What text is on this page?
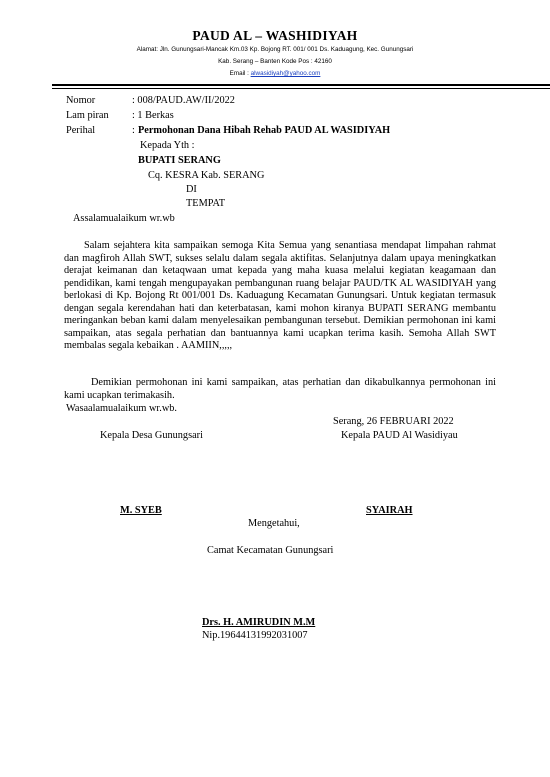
PAUD AL – WASHIDIYAH
Alamat: Jln. Gunungsari-Mancak Km.03 Kp. Bojong RT. 001/ 001 Ds. Kaduagung, Kec. Gunungsari
Kab. Serang – Banten Kode Pos : 42160
Email : alwasidiyah@yahoo.com
Nomor	: 008/PAUD.AW/II/2022
Lam piran : 1 Berkas
Perihal	: Permohonan Dana Hibah Rehab PAUD AL WASIDIYAH
Kepada Yth :
BUPATI SERANG
Cq. KESRA Kab. SERANG
DI
TEMPAT
Assalamualaikum wr.wb
Salam sejahtera kita sampaikan semoga Kita Semua yang senantiasa mendapat limpahan rahmat dan magfiroh Allah SWT, sukses selalu dalam segala aktifitas. Selanjutnya dalam upaya meningkatkan derajat keimanan dan ketaqwaan umat kepada yang maha kuasa melalui kegiatan keagamaan dan pendidikan, kami tengah mengupayakan pembangunan ruang belajar PAUD/TK AL WASIDIYAH yang berlokasi di Kp. Bojong Rt 001/001 Ds. Kaduagung Kecamatan Gunungsari. Untuk kegiatan termasuk dengan segala kerendahan hati dan keterbatasan, kami mohon kiranya BUPATI SERANG membantu meringankan beban kami dalam menyelesaikan pembangunan tersebut. Demikian permohonan ini kami sampaikan, atas segala perhatian dan bantuannya kami ucapkan terima kasih. Semoha Allah SWT membalas segala kebaikan . AAMIIN,,,,,
Demikian permohonan ini kami sampaikan, atas perhatian dan dikabulkannya permohonan ini kami ucapkan terimakasih.
Wasaalamualaikum wr.wb.
Serang, 26 FEBRUARI 2022
Kepala Desa Gunungsari	Kepala PAUD Al Wasidiyau
M. SYEB	SYAIRAH
Mengetahui,
Camat Kecamatan Gunungsari
Drs. H. AMIRUDIN M.M
Nip.19644131992031007
